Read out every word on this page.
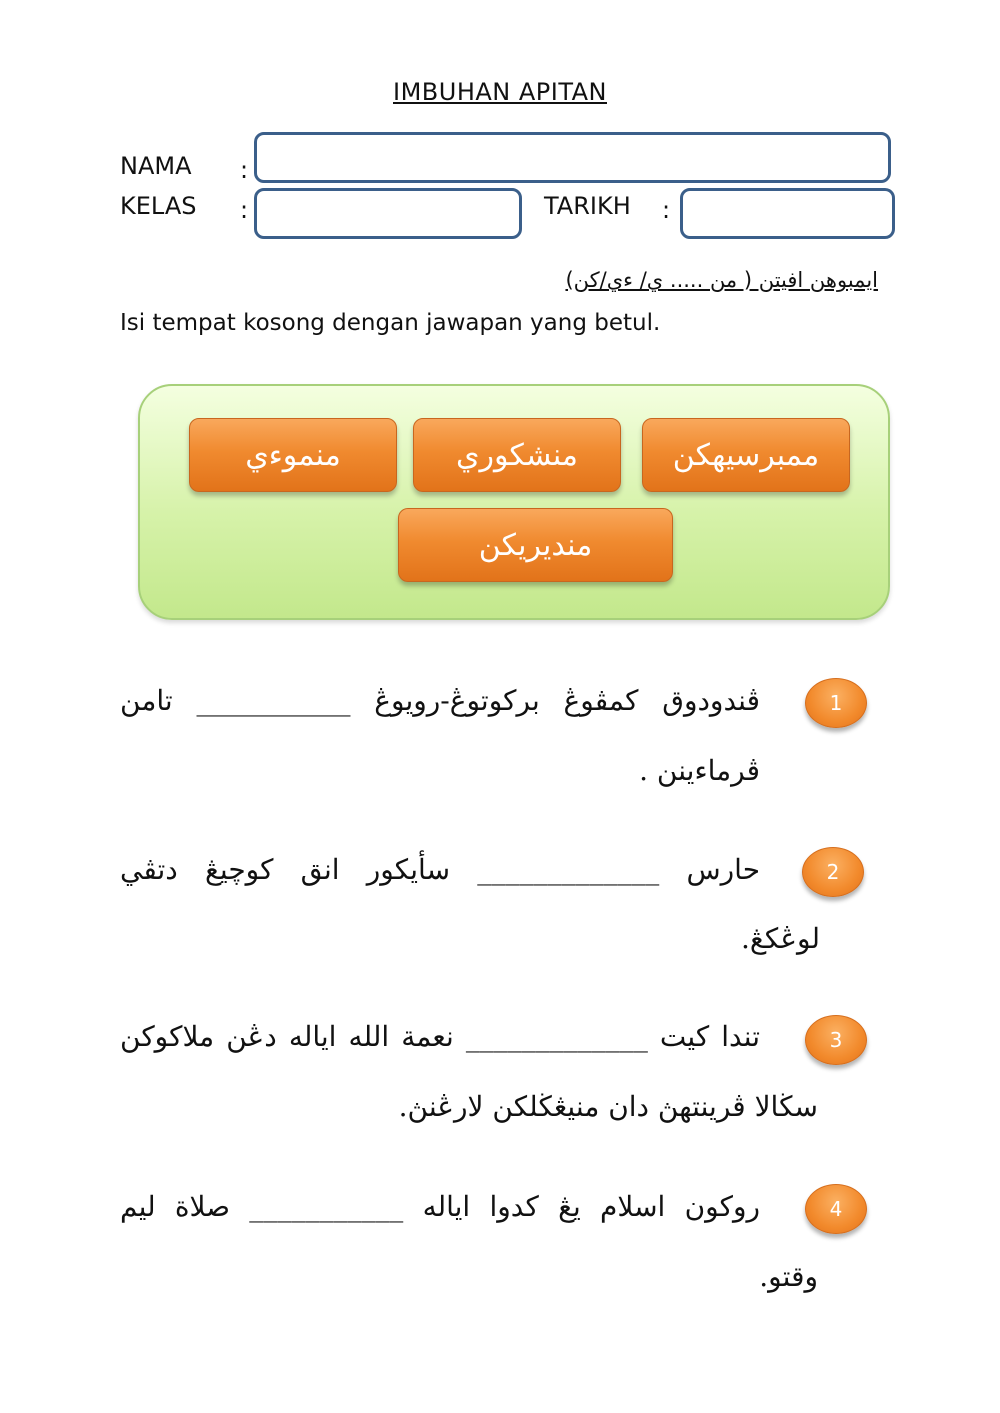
IMBUHAN APITAN
NAMA :
KELAS :	TARIKH :
ايمبوهن افيتن ( من ..... ي/ ءي/كن)
Isi tempat kosong dengan jawapan yang betul.
ممبرسيهكن
منشكوري
منموءي
منديريكن
1
ڤندودوق كمڤوڠ بركوتوڠ-رويوڠ ___________ تامن
ڤرماءينن .
2
حارس _____________ سأيكور انق كوچيڠ دتڤي
لوڠكڠ.
3
تندا كيت _____________ نعمة الله اياله دڠن ملاكوكن
سڬالا ڤرينتهڽ دان منيڠڬلكن لارڠنڽ.
4
روكون اسلام يڠ كدوا اياله ___________ صلاة ليم
وقتو.
